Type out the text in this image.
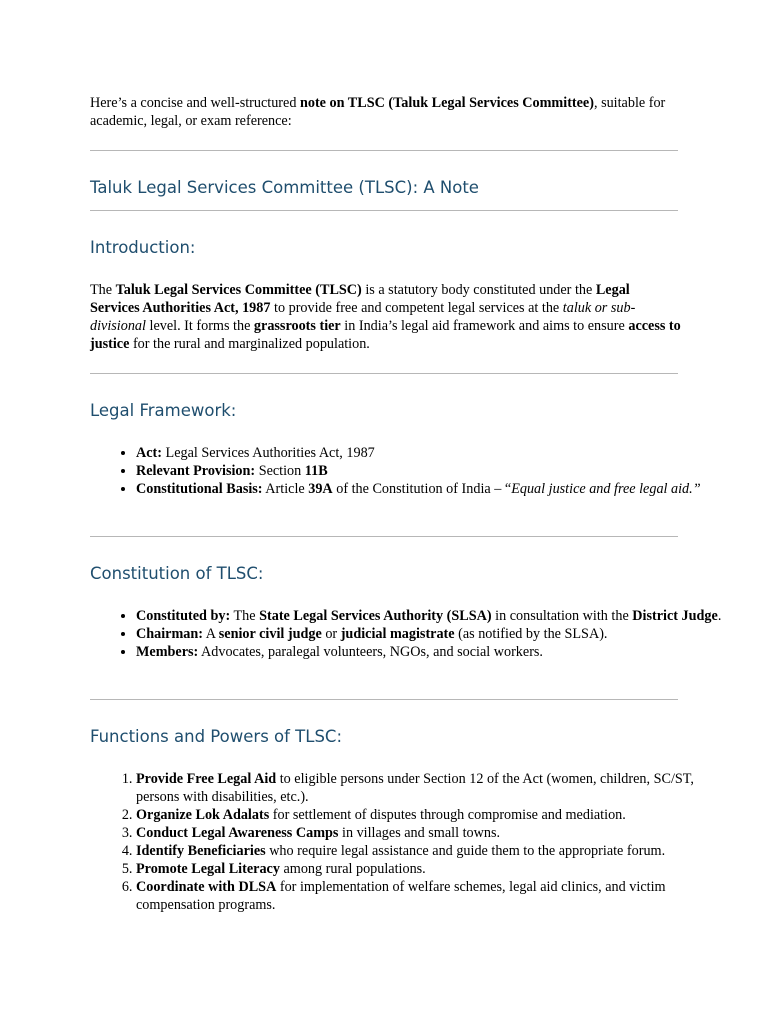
Here’s a concise and well-structured note on TLSC (Taluk Legal Services Committee), suitable for academic, legal, or exam reference:

Taluk Legal Services Committee (TLSC): A Note
Introduction:

The Taluk Legal Services Committee (TLSC) is a statutory body constituted under the Legal Services Authorities Act, 1987 to provide free and competent legal services at the taluk or sub-divisional level. It forms the grassroots tier in India’s legal aid framework and aims to ensure access to justice for the rural and marginalized population.

Legal Framework:
• Act: Legal Services Authorities Act, 1987
• Relevant Provision: Section 11B
• Constitutional Basis: Article 39A of the Constitution of India – “Equal justice and free legal aid.”
Constitution of TLSC:
• Constituted by: The State Legal Services Authority (SLSA) in consultation with the District Judge.
• Chairman: A senior civil judge or judicial magistrate (as notified by the SLSA).
• Members: Advocates, paralegal volunteers, NGOs, and social workers.
Functions and Powers of TLSC:
1. Provide Free Legal Aid to eligible persons under Section 12 of the Act (women, children, SC/ST, persons with disabilities, etc.).
2. Organize Lok Adalats for settlement of disputes through compromise and mediation.
3. Conduct Legal Awareness Camps in villages and small towns.
4. Identify Beneficiaries who require legal assistance and guide them to the appropriate forum.
5. Promote Legal Literacy among rural populations.
6. Coordinate with DLSA for implementation of welfare schemes, legal aid clinics, and victim compensation programs.
